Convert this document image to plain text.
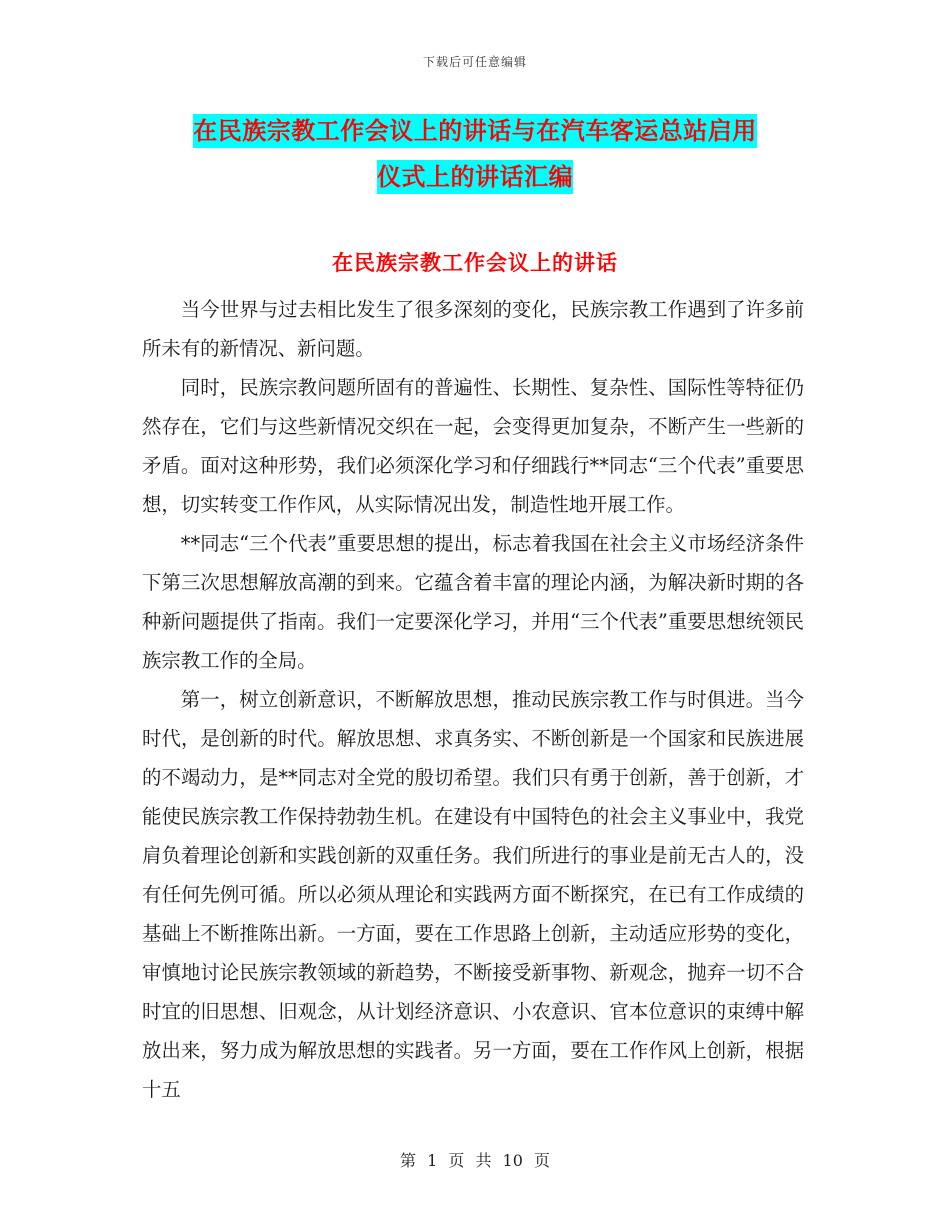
下载后可任意编辑
在民族宗教工作会议上的讲话与在汽车客运总站启用
仪式上的讲话汇编
在民族宗教工作会议上的讲话

当今世界与过去相比发生了很多深刻的变化，民族宗教工作遇到了许多前所未有的新情况、新问题。

同时，民族宗教问题所固有的普遍性、长期性、复杂性、国际性等特征仍然存在，它们与这些新情况交织在一起，会变得更加复杂，不断产生一些新的矛盾。面对这种形势，我们必须深化学习和仔细践行**同志“三个代表”重要思想，切实转变工作作风，从实际情况出发，制造性地开展工作。

**同志“三个代表”重要思想的提出，标志着我国在社会主义市场经济条件下第三次思想解放高潮的到来。它蕴含着丰富的理论内涵，为解决新时期的各种新问题提供了指南。我们一定要深化学习，并用“三个代表”重要思想统领民族宗教工作的全局。

第一，树立创新意识，不断解放思想，推动民族宗教工作与时俱进。当今时代，是创新的时代。解放思想、求真务实、不断创新是一个国家和民族进展的不竭动力，是**同志对全党的殷切希望。我们只有勇于创新，善于创新，才能使民族宗教工作保持勃勃生机。在建设有中国特色的社会主义事业中，我党肩负着理论创新和实践创新的双重任务。我们所进行的事业是前无古人的，没有任何先例可循。所以必须从理论和实践两方面不断探究，在已有工作成绩的基础上不断推陈出新。一方面，要在工作思路上创新，主动适应形势的变化，审慎地讨论民族宗教领域的新趋势，不断接受新事物、新观念，抛弃一切不合时宜的旧思想、旧观念，从计划经济意识、小农意识、官本位意识的束缚中解放出来，努力成为解放思想的实践者。另一方面，要在工作作风上创新，根据十五

第 1 页 共 10 页
